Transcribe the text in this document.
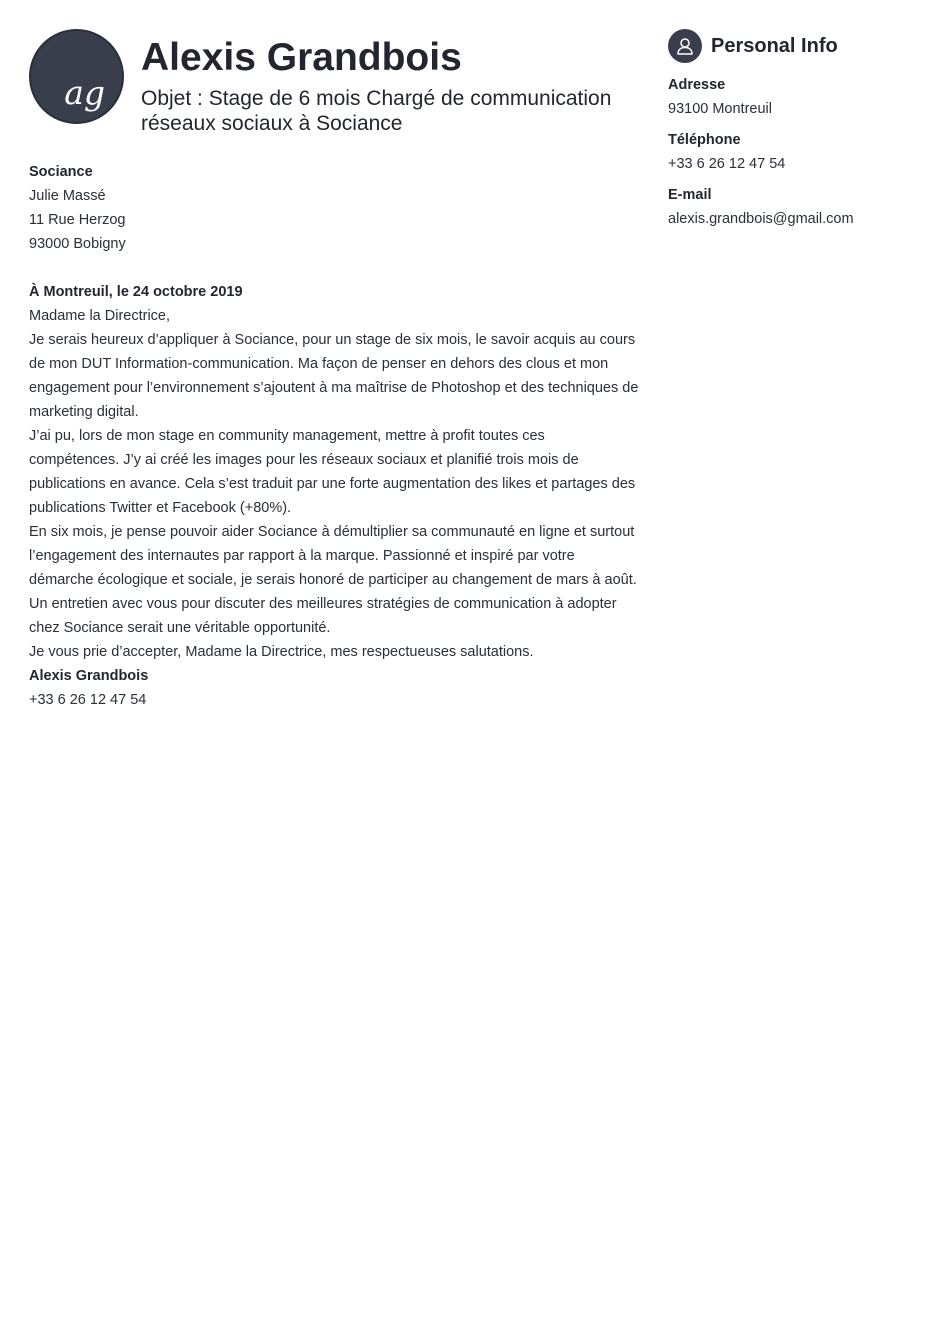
ag
Alexis Grandbois
Objet : Stage de 6 mois Chargé de communication réseaux sociaux à Sociance

Sociance

Julie Massé

11 Rue Herzog

93000 Bobigny

À Montreuil, le 24 octobre 2019

Madame la Directrice,

Je serais heureux d’appliquer à Sociance, pour un stage de six mois, le savoir acquis au cours de mon DUT Information-communication. Ma façon de penser en dehors des clous et mon engagement pour l’environnement s’ajoutent à ma maîtrise de Photoshop et des techniques de marketing digital.

J’ai pu, lors de mon stage en community management, mettre à profit toutes ces compétences. J’y ai créé les images pour les réseaux sociaux et planifié trois mois de publications en avance. Cela s’est traduit par une forte augmentation des likes et partages des publications Twitter et Facebook (+80%).

En six mois, je pense pouvoir aider Sociance à démultiplier sa communauté en ligne et surtout l’engagement des internautes par rapport à la marque. Passionné et inspiré par votre démarche écologique et sociale, je serais honoré de participer au changement de mars à août.

Un entretien avec vous pour discuter des meilleures stratégies de communication à adopter chez Sociance serait une véritable opportunité.

Je vous prie d’accepter, Madame la Directrice, mes respectueuses salutations.

Alexis Grandbois

+33 6 26 12 47 54

Personal Info
Adresse
93100 Montreuil
Téléphone
+33 6 26 12 47 54
E-mail
alexis.grandbois@gmail.com
